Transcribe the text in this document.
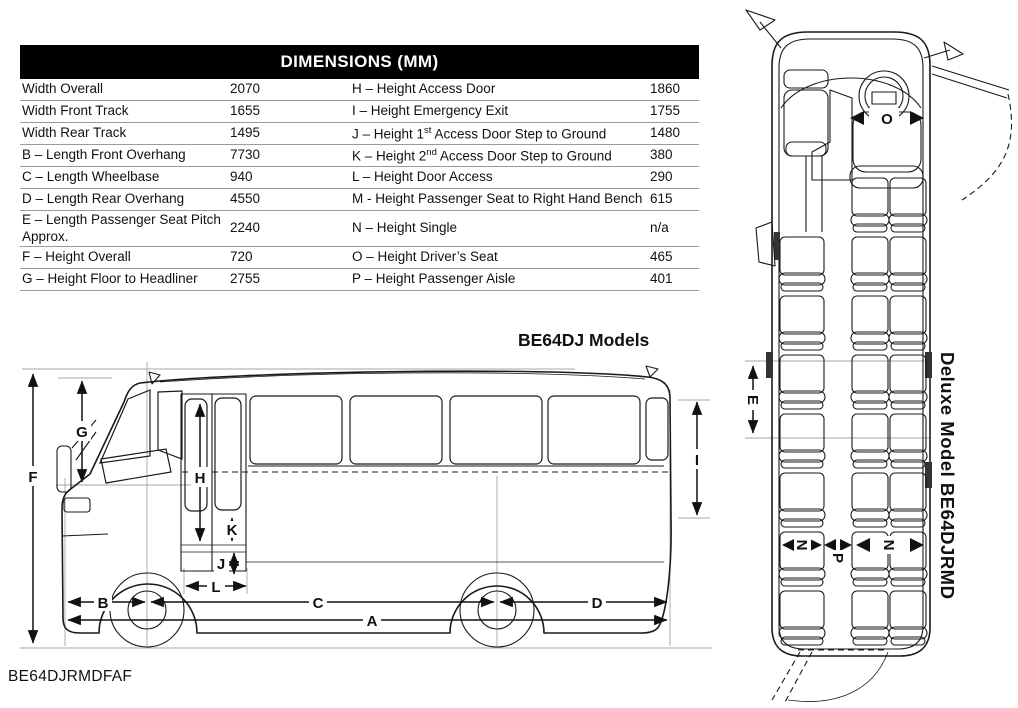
DIMENSIONS (MM)
Width Overall	2070	H – Height Access Door	1860
Width Front Track	1655	I – Height Emergency Exit	1755
Width Rear Track	1495	J – Height 1st Access Door Step to Ground	1480
B – Length Front Overhang	7730	K – Height 2nd Access Door Step to Ground	380
C – Length Wheelbase	940	L – Height Door Access	290
D – Length Rear Overhang	4550	M - Height Passenger Seat to Right Hand Bench 615
E – Length Passenger Seat Pitch Approx.
2240	N – Height Single	n/a
F – Height Overall	720	O – Height Driver’s Seat	465
G – Height Floor to Headliner	2755	P – Height Passenger Aisle	401
F
G
H
K
J
L
B	C	D
A
I
O
E
N
P
N
BE64DJ Models
Deluxe Model BE64DJRMD
BE64DJRMDFAF
